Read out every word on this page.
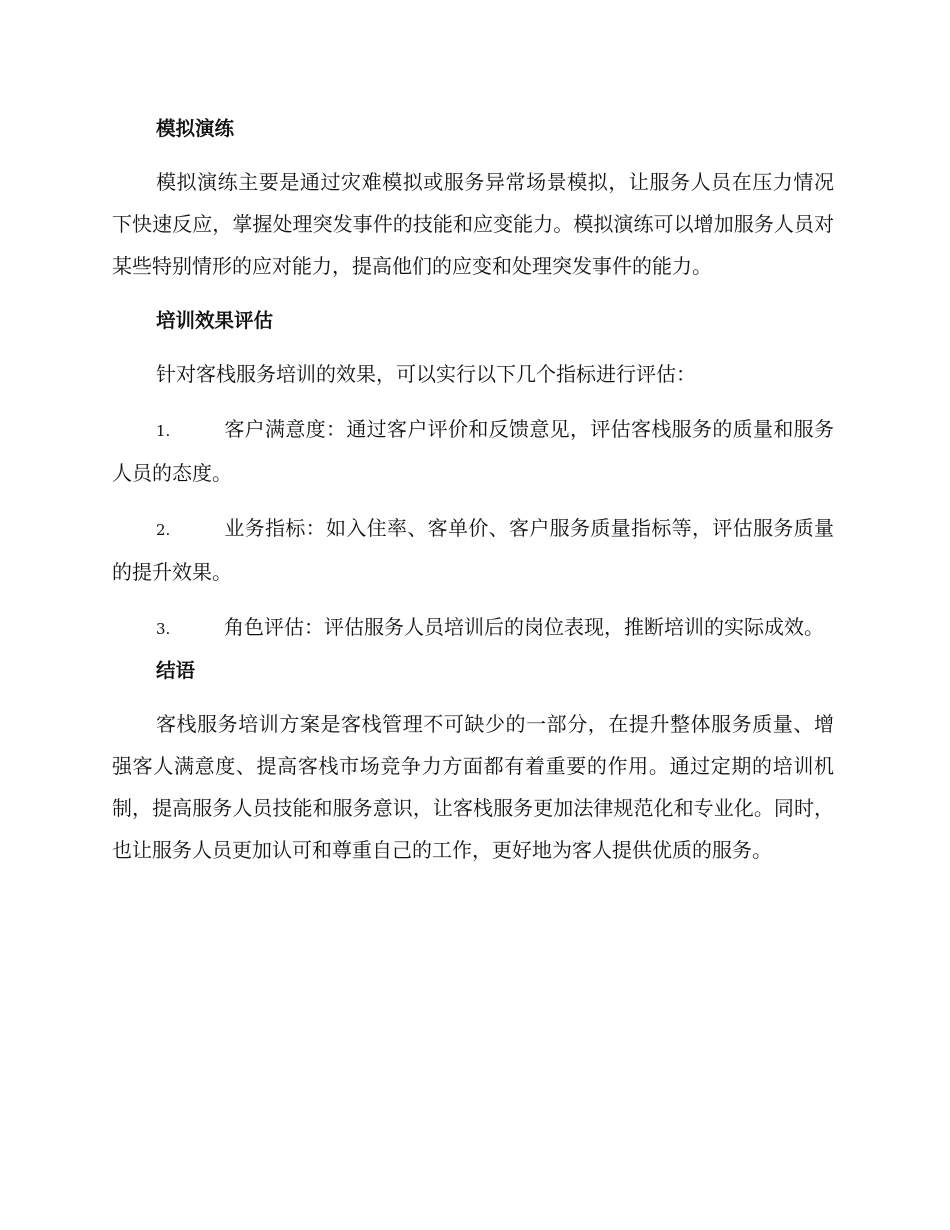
模拟演练

模拟演练主要是通过灾难模拟或服务异常场景模拟，让服务人员在压力情况下快速反应，掌握处理突发事件的技能和应变能力。模拟演练可以增加服务人员对某些特别情形的应对能力，提高他们的应变和处理突发事件的能力。

培训效果评估

针对客栈服务培训的效果，可以实行以下几个指标进行评估：

1.	客户满意度：通过客户评价和反馈意见，评估客栈服务的质量和服务人员的态度。
2.	业务指标：如入住率、客单价、客户服务质量指标等，评估服务质量的提升效果。
3.	角色评估：评估服务人员培训后的岗位表现，推断培训的实际成效。
结语

客栈服务培训方案是客栈管理不可缺少的一部分，在提升整体服务质量、增强客人满意度、提高客栈市场竞争力方面都有着重要的作用。通过定期的培训机制，提高服务人员技能和服务意识，让客栈服务更加法律规范化和专业化。同时，也让服务人员更加认可和尊重自己的工作，更好地为客人提供优质的服务。
